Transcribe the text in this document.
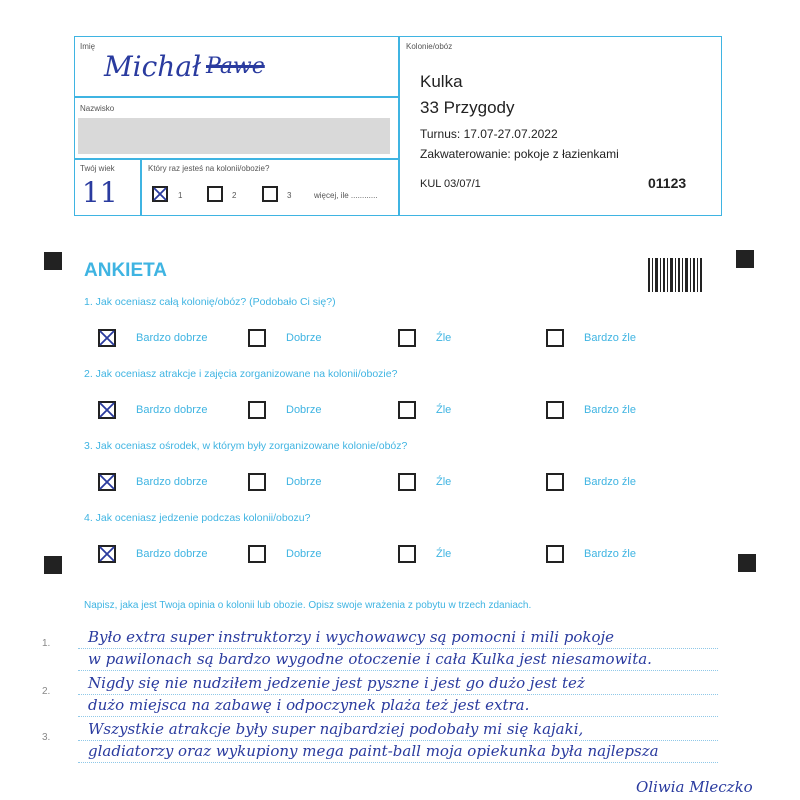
Imię
Michał Pawe
Nazwisko
Twój wiek
11
Który raz jesteś na kolonii/obozie?
1	2	3	więcej, ile ............
Kolonie/obóz
Kulka
33 Przygody
Turnus: 17.07-27.07.2022
Zakwaterowanie: pokoje z łazienkami
KUL 03/07/1	01123
ANKIETA
1. Jak oceniasz całą kolonię/obóz? (Podobało Ci się?)
Bardzo dobrze	Dobrze	Źle	Bardzo źle
2. Jak oceniasz atrakcje i zajęcia zorganizowane na kolonii/obozie?
Bardzo dobrze	Dobrze	Źle	Bardzo źle
3. Jak oceniasz ośrodek, w którym były zorganizowane kolonie/obóz?
Bardzo dobrze	Dobrze	Źle	Bardzo źle
4. Jak oceniasz jedzenie podczas kolonii/obozu?
Bardzo dobrze	Dobrze	Źle	Bardzo źle
Napisz, jaka jest Twoja opinia o kolonii lub obozie. Opisz swoje wrażenia z pobytu w trzech zdaniach.
Było extra super instruktorzy i wychowawcy są pomocni i mili pokoje
w pawilonach są bardzo wygodne otoczenie i cała Kulka jest niesamowita.
Nigdy się nie nudziłem jedzenie jest pyszne i jest go dużo jest też
dużo miejsca na zabawę i odpoczynek plaża też jest extra.
Wszystkie atrakcje były super najbardziej podobały mi się kajaki,
gladiatorzy oraz wykupiony mega paint-ball moja opiekunka była najlepsza
1.
2.
3.
Oliwia Mleczko
